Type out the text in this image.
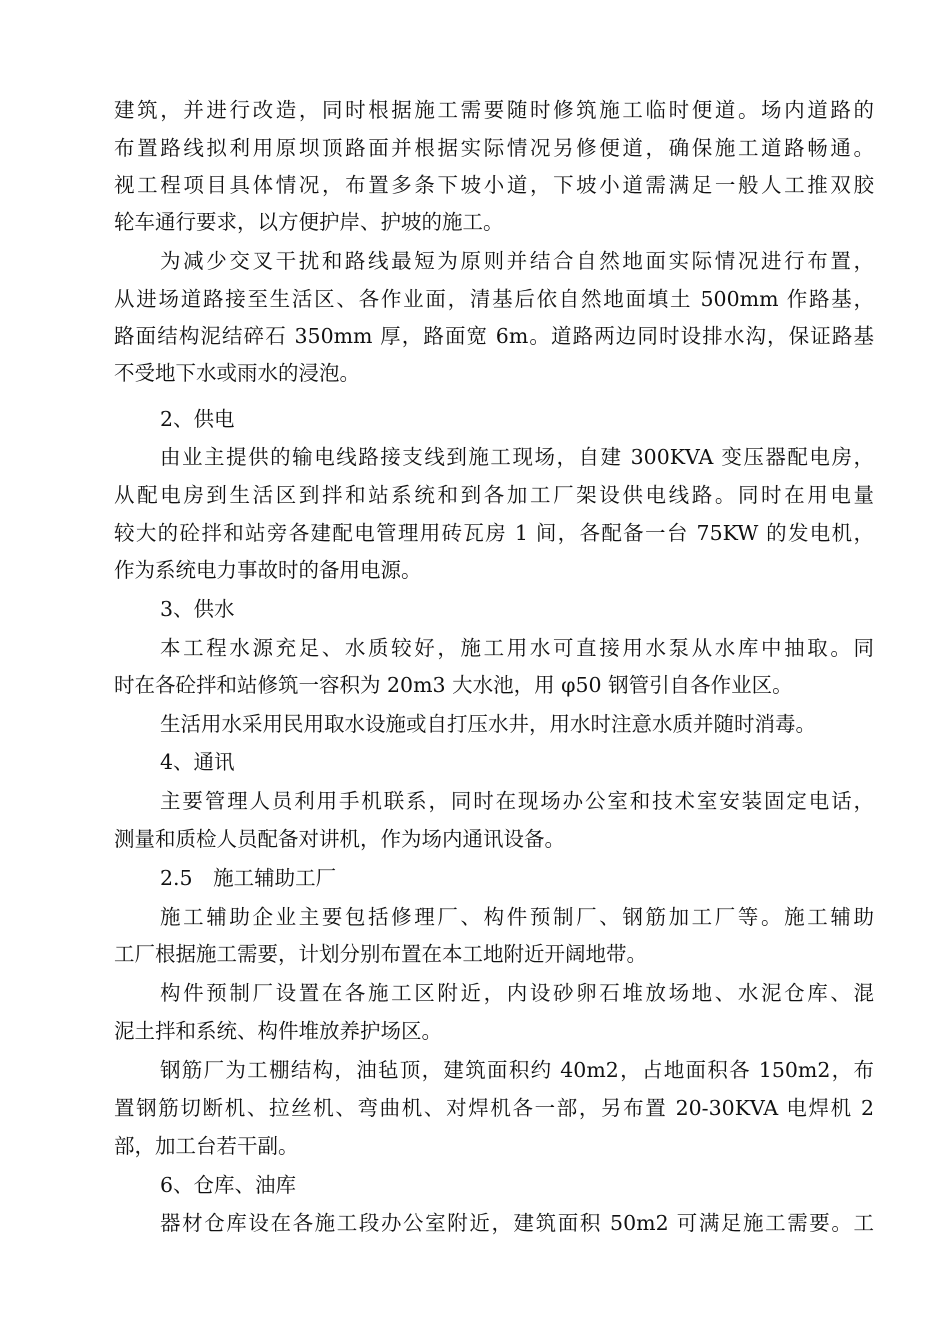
建筑，并进行改造，同时根据施工需要随时修筑施工临时便道。场内道路的
布置路线拟利用原坝顶路面并根据实际情况另修便道，确保施工道路畅通。
视工程项目具体情况，布置多条下坡小道，下坡小道需满足一般人工推双胶
轮车通行要求，以方便护岸、护坡的施工。
为减少交叉干扰和路线最短为原则并结合自然地面实际情况进行布置，
从进场道路接至生活区、各作业面，清基后依自然地面填土 500mm 作路基，
路面结构泥结碎石 350mm 厚，路面宽 6m。道路两边同时设排水沟，保证路基
不受地下水或雨水的浸泡。
2、供电
由业主提供的输电线路接支线到施工现场，自建 300KVA 变压器配电房，
从配电房到生活区到拌和站系统和到各加工厂架设供电线路。同时在用电量
较大的砼拌和站旁各建配电管理用砖瓦房 1 间，各配备一台 75KW 的发电机，
作为系统电力事故时的备用电源。
3、供水
本工程水源充足、水质较好，施工用水可直接用水泵从水库中抽取。同
时在各砼拌和站修筑一容积为 20m3 大水池，用 φ50 钢管引自各作业区。
生活用水采用民用取水设施或自打压水井，用水时注意水质并随时消毒。
4、通讯
主要管理人员利用手机联系，同时在现场办公室和技术室安装固定电话，
测量和质检人员配备对讲机，作为场内通讯设备。
2.5　施工辅助工厂
施工辅助企业主要包括修理厂、构件预制厂、钢筋加工厂等。施工辅助
工厂根据施工需要，计划分别布置在本工地附近开阔地带。
构件预制厂设置在各施工区附近，内设砂卵石堆放场地、水泥仓库、混
泥土拌和系统、构件堆放养护场区。
钢筋厂为工棚结构，油毡顶，建筑面积约 40m2，占地面积各 150m2，布
置钢筋切断机、拉丝机、弯曲机、对焊机各一部，另布置 20-30KVA 电焊机 2
部，加工台若干副。
6、仓库、油库
器材仓库设在各施工段办公室附近，建筑面积 50m2 可满足施工需要。工
